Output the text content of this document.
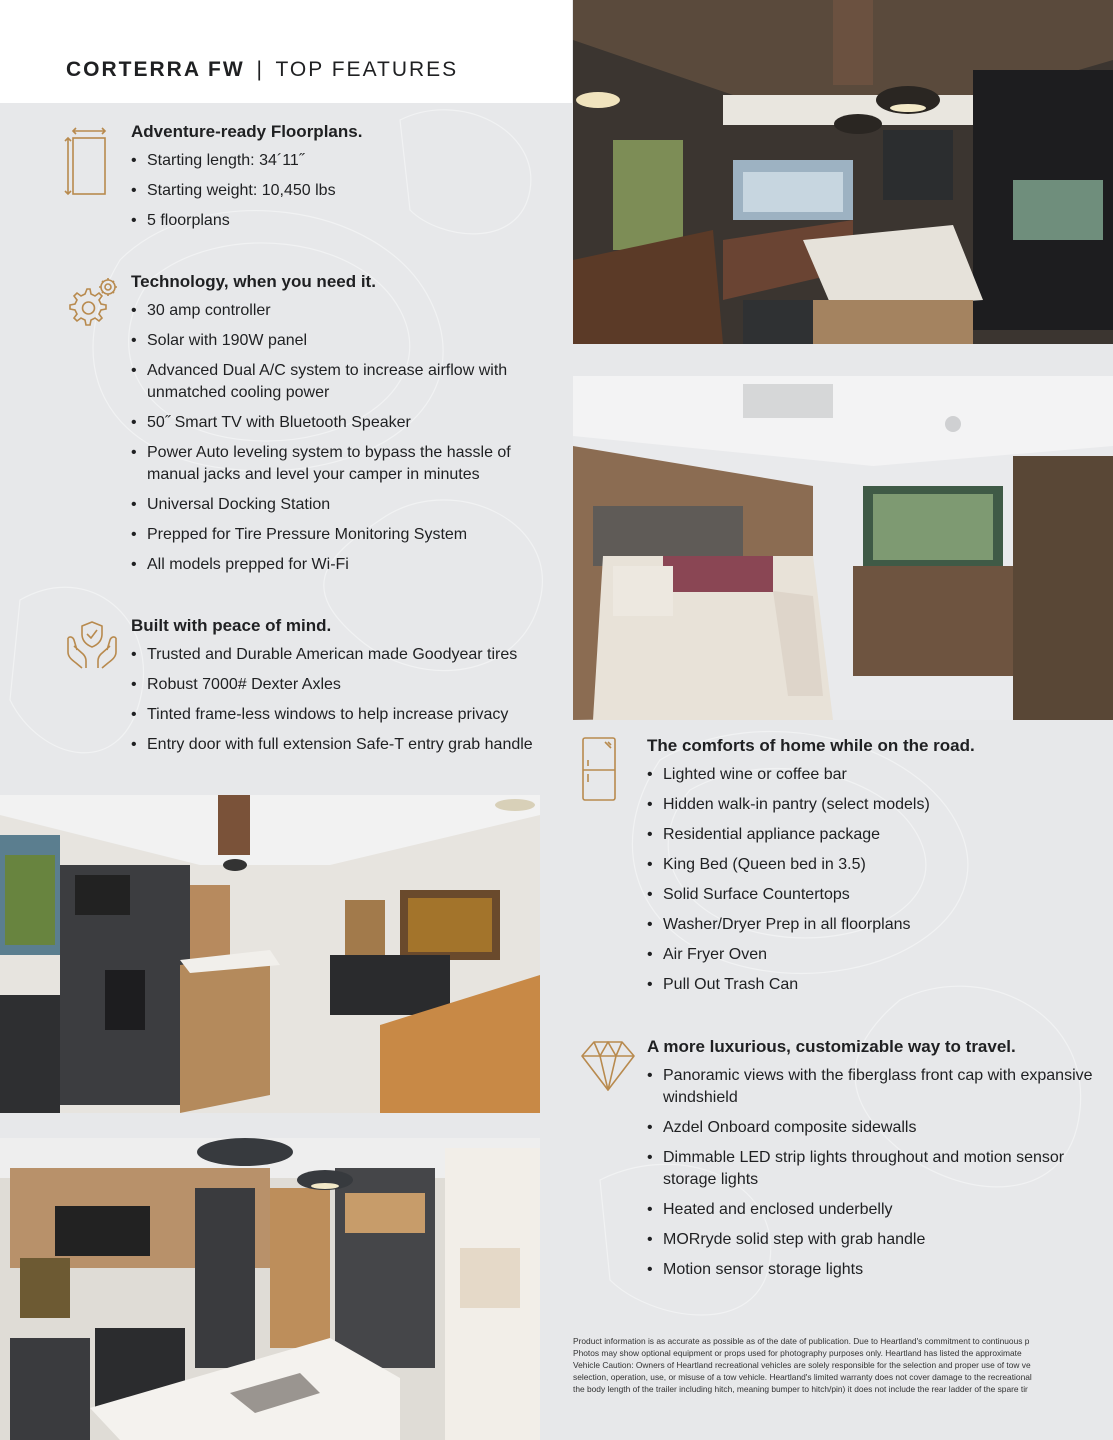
CORTERRA FW | TOP FEATURES
Adventure-ready Floorplans.
• Starting length: 34´11˝
• Starting weight: 10,450 lbs
• 5 floorplans
Technology, when you need it.
• 30 amp controller
• Solar with 190W panel
• Advanced Dual A/C system to increase airflow with unmatched cooling power
• 50˝ Smart TV with Bluetooth Speaker
• Power Auto leveling system to bypass the hassle of manual jacks and level your camper in minutes
• Universal Docking Station
• Prepped for Tire Pressure Monitoring System
• All models prepped for Wi-Fi
Built with peace of mind.
• Trusted and Durable American made Goodyear tires
• Robust 7000# Dexter Axles
• Tinted frame-less windows to help increase privacy
• Entry door with full extension Safe-T entry grab handle	The comforts of home while on the road.
• Lighted wine or coffee bar
• Hidden walk-in pantry (select models)
• Residential appliance package
• King Bed (Queen bed in 3.5)
• Solid Surface Countertops
• Washer/Dryer Prep in all floorplans
• Air Fryer Oven
• Pull Out Trash Can
A more luxurious, customizable way to travel.
• Panoramic views with the fiberglass front cap with expansive windshield
• Azdel Onboard composite sidewalls
• Dimmable LED strip lights throughout and motion sensor storage lights
• Heated and enclosed underbelly
• MORryde solid step with grab handle
• Motion sensor storage lights
Product information is as accurate as possible as of the date of publication. Due to Heartland's commitment to continuous p
Photos may show optional equipment or props used for photography purposes only. Heartland has listed the approximate
Vehicle Caution: Owners of Heartland recreational vehicles are solely responsible for the selection and proper use of tow ve
selection, operation, use, or misuse of a tow vehicle. Heartland's limited warranty does not cover damage to the recreational
the body length of the trailer including hitch, meaning bumper to hitch/pin) it does not include the rear ladder of the spare tir
